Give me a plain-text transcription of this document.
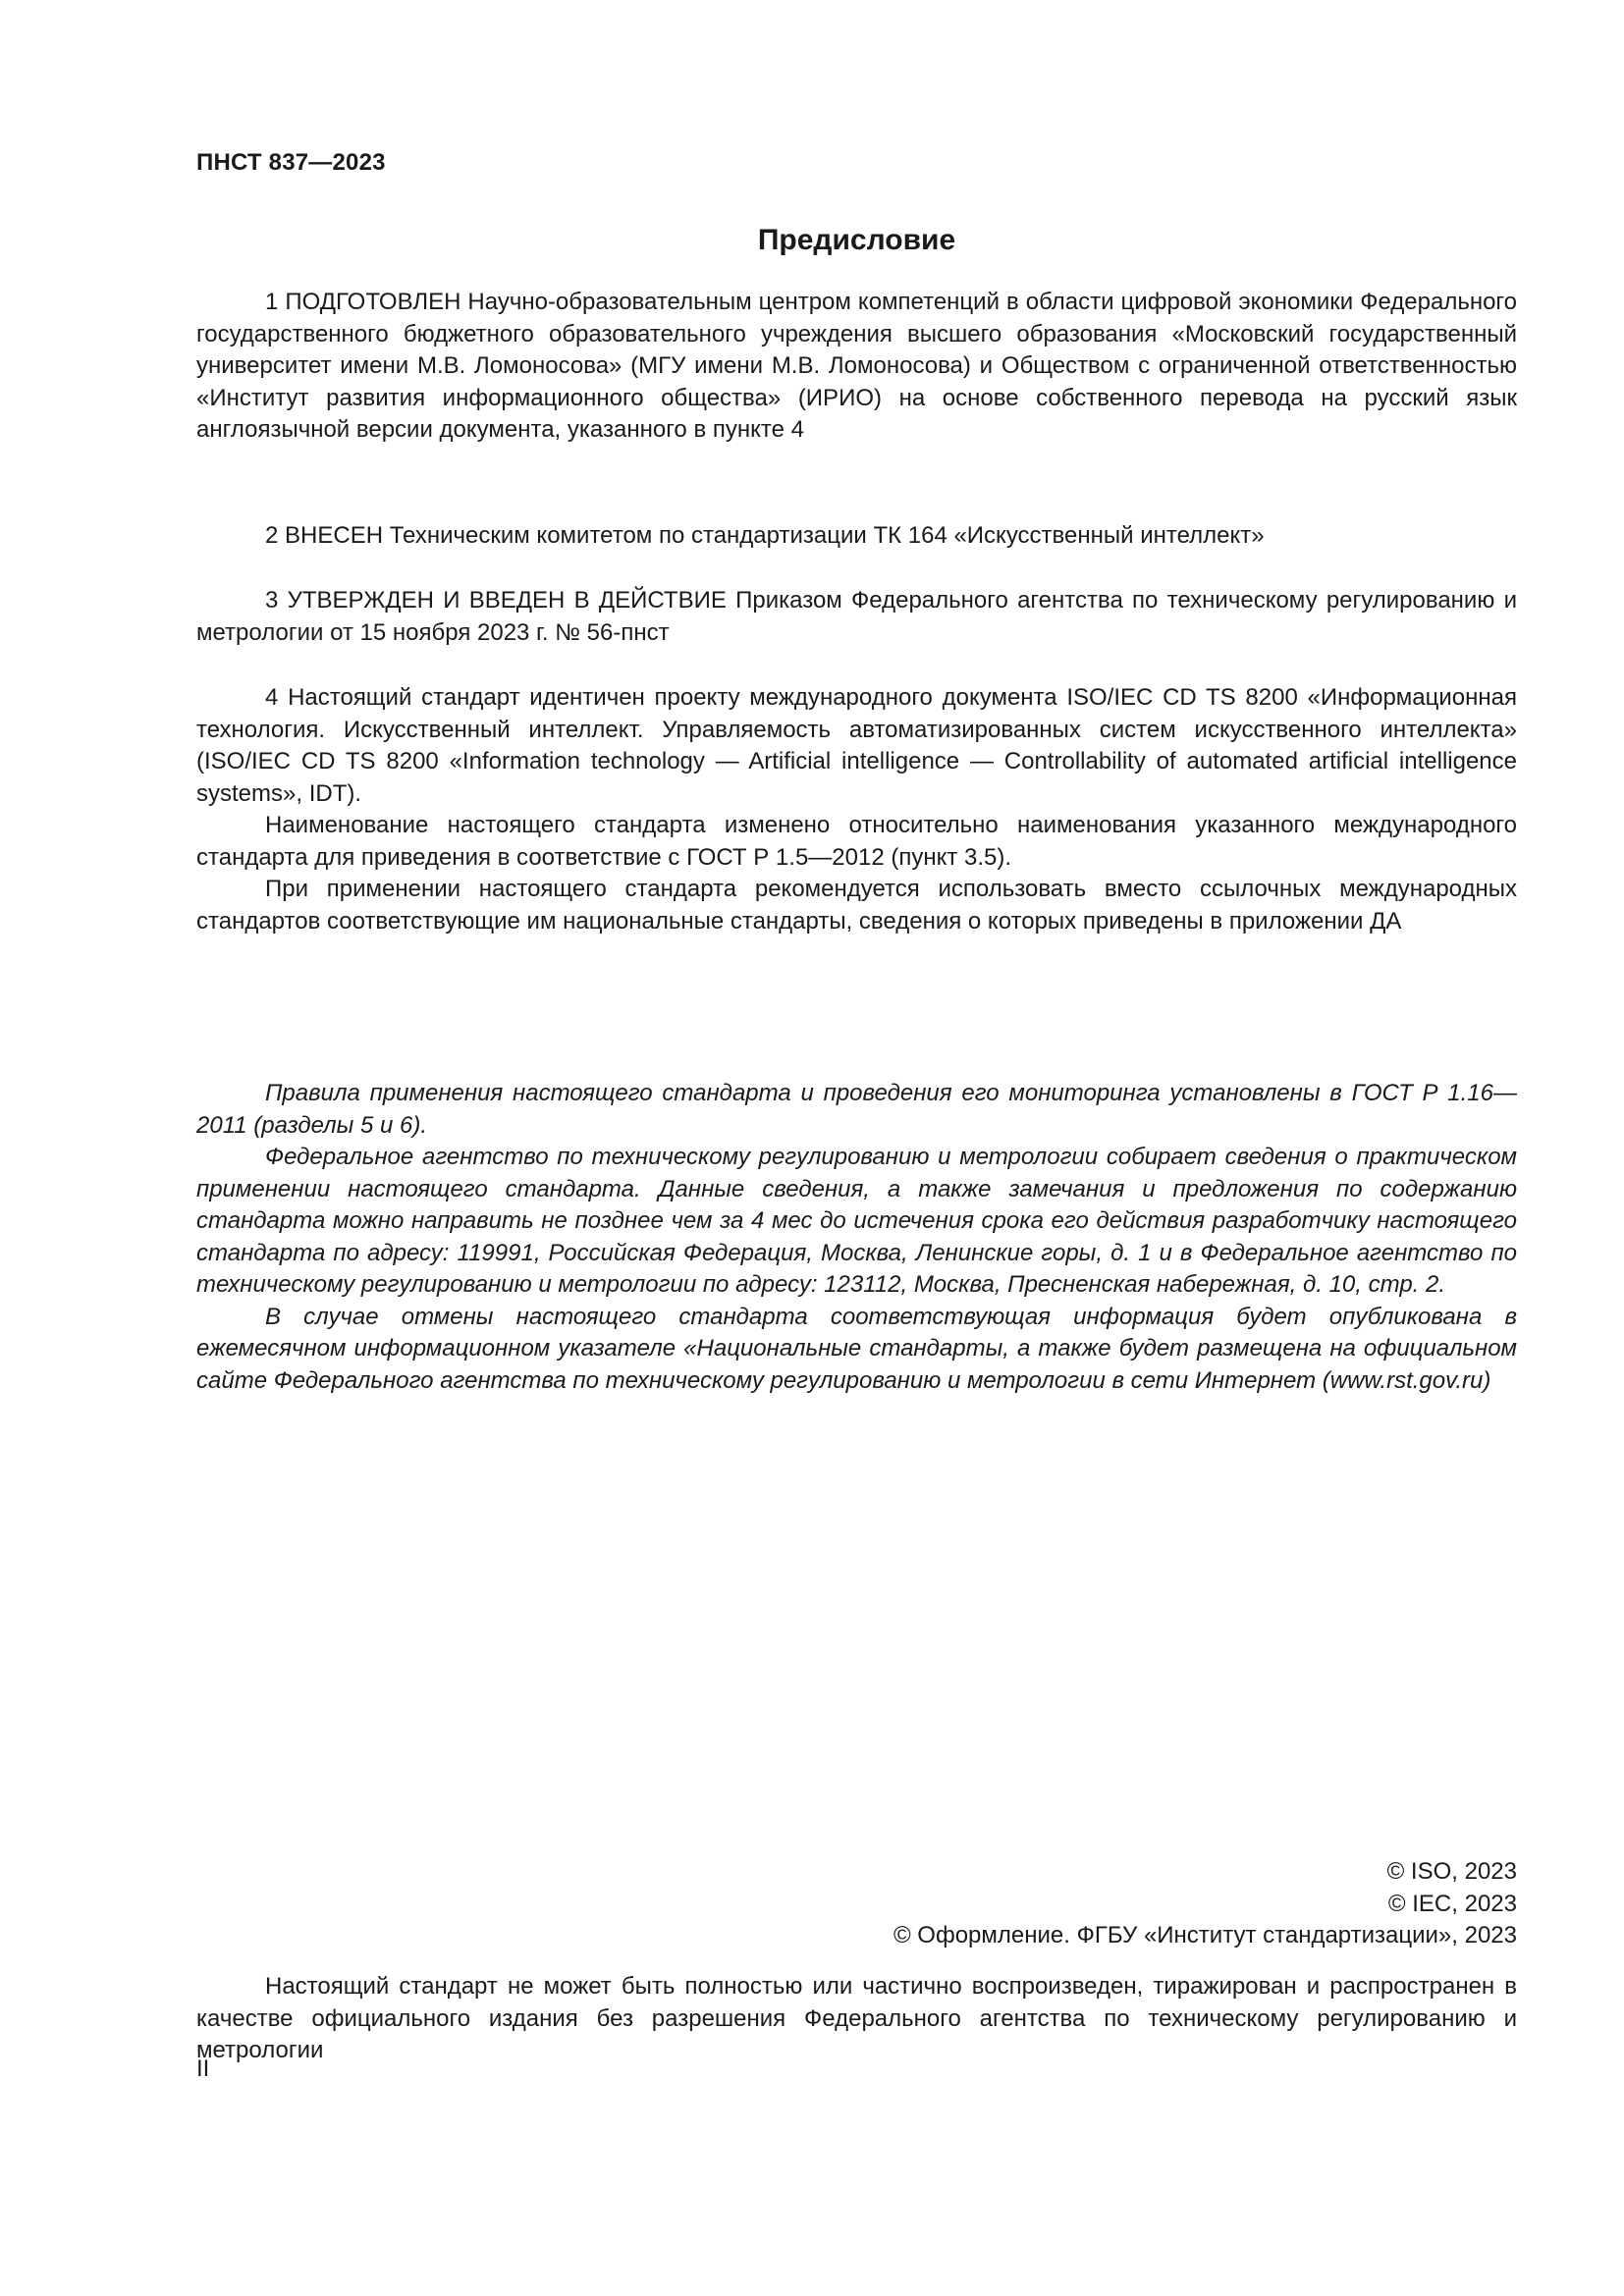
ПНСТ 837—2023
Предисловие

1 ПОДГОТОВЛЕН Научно-образовательным центром компетенций в области цифровой экономики Федерального государственного бюджетного образовательного учреждения высшего образования «Московский государственный университет имени М.В. Ломоносова» (МГУ имени М.В. Ломоносова) и Обществом с ограниченной ответственностью «Институт развития информационного общества» (ИРИО) на основе собственного перевода на русский язык англоязычной версии документа, указанного в пункте 4

2 ВНЕСЕН Техническим комитетом по стандартизации ТК 164 «Искусственный интеллект»

3 УТВЕРЖДЕН И ВВЕДЕН В ДЕЙСТВИЕ Приказом Федерального агентства по техническому регулированию и метрологии от 15 ноября 2023 г. № 56-пнст

4 Настоящий стандарт идентичен проекту международного документа ISO/IEC CD TS 8200 «Информационная технология. Искусственный интеллект. Управляемость автоматизированных систем искусственного интеллекта» (ISO/IEC CD TS 8200 «Information technology — Artificial intelligence — Controllability of automated artificial intelligence systems», IDT).

Наименование настоящего стандарта изменено относительно наименования указанного международного стандарта для приведения в соответствие с ГОСТ Р 1.5—2012 (пункт 3.5).

При применении настоящего стандарта рекомендуется использовать вместо ссылочных международных стандартов соответствующие им национальные стандарты, сведения о которых приведены в приложении ДА

Правила применения настоящего стандарта и проведения его мониторинга установлены в ГОСТ Р 1.16—2011 (разделы 5 и 6).

Федеральное агентство по техническому регулированию и метрологии собирает сведения о практическом применении настоящего стандарта. Данные сведения, а также замечания и предложения по содержанию стандарта можно направить не позднее чем за 4 мес до истечения срока его действия разработчику настоящего стандарта по адресу: 119991, Российская Федерация, Москва, Ленинские горы, д. 1 и в Федеральное агентство по техническому регулированию и метрологии по адресу: 123112, Москва, Пресненская набережная, д. 10, стр. 2.

В случае отмены настоящего стандарта соответствующая информация будет опубликована в ежемесячном информационном указателе «Национальные стандарты, а также будет размещена на официальном сайте Федерального агентства по техническому регулированию и метрологии в сети Интернет (www.rst.gov.ru)

© ISO, 2023
© IEC, 2023
© Оформление. ФГБУ «Институт стандартизации», 2023

Настоящий стандарт не может быть полностью или частично воспроизведен, тиражирован и распространен в качестве официального издания без разрешения Федерального агентства по техническому регулированию и метрологии

II
